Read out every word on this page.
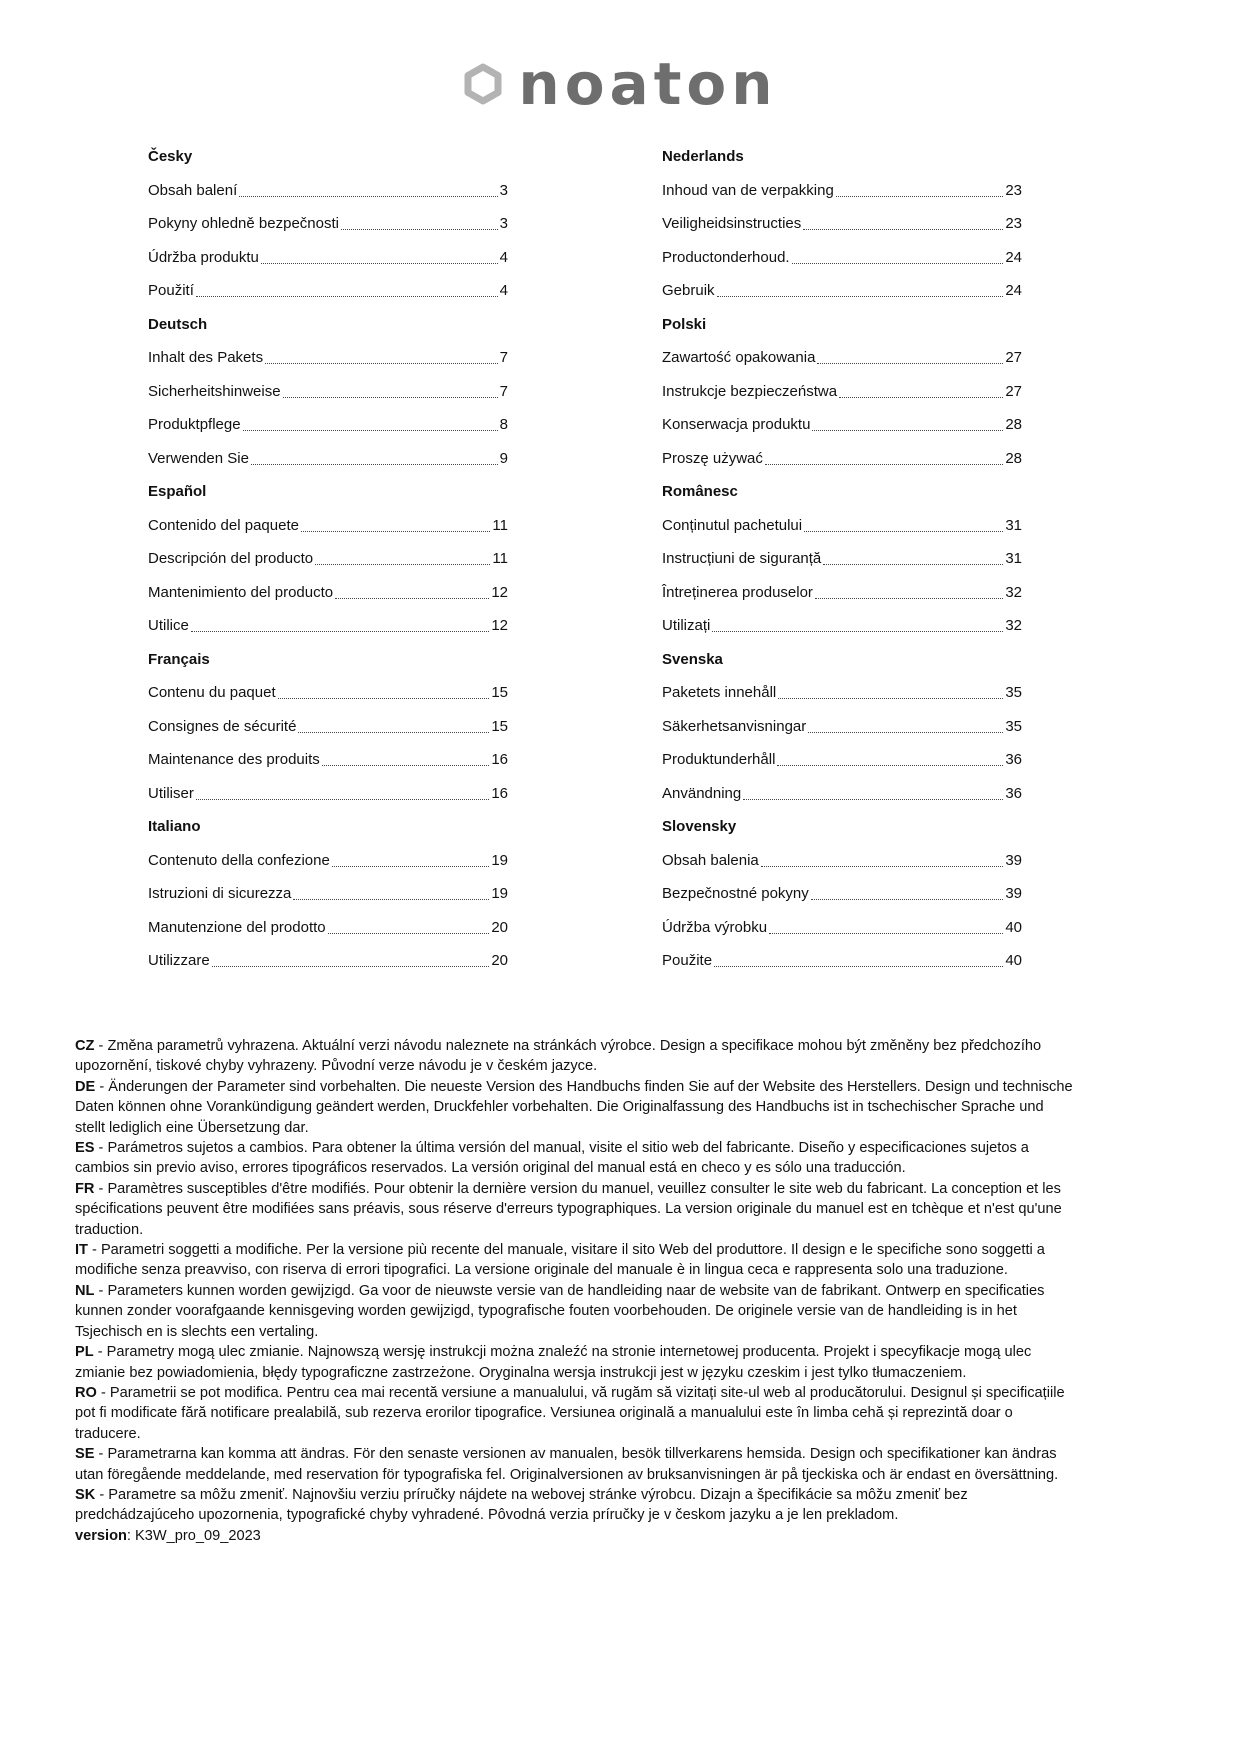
noaton
Česky
Obsah balení	3
Pokyny ohledně bezpečnosti	3
Údržba produktu	4
Použití	4
Deutsch
Inhalt des Pakets	7
Sicherheitshinweise	7
Produktpflege	8
Verwenden Sie	9
Español
Contenido del paquete	11
Descripción del producto	11
Mantenimiento del producto	12
Utilice	12
Français
Contenu du paquet	15
Consignes de sécurité	15
Maintenance des produits	16
Utiliser	16
Italiano
Contenuto della confezione	19
Istruzioni di sicurezza	19
Manutenzione del prodotto	20
Utilizzare	20
Nederlands
Inhoud van de verpakking	23
Veiligheidsinstructies	23
Productonderhoud.	24
Gebruik	24
Polski
Zawartość opakowania	27
Instrukcje bezpieczeństwa	27
Konserwacja produktu	28
Proszę używać	28
Românesc
Conținutul pachetului	31
Instrucțiuni de siguranță	31
Întreținerea produselor	32
Utilizați	32
Svenska
Paketets innehåll	35
Säkerhetsanvisningar	35
Produktunderhåll	36
Användning	36
Slovensky
Obsah balenia	39
Bezpečnostné pokyny	39
Údržba výrobku	40
Použite	40

CZ - Změna parametrů vyhrazena. Aktuální verzi návodu naleznete na stránkách výrobce. Design a specifikace mohou být změněny bez předchozího upozornění, tiskové chyby vyhrazeny. Původní verze návodu je v českém jazyce.

DE - Änderungen der Parameter sind vorbehalten. Die neueste Version des Handbuchs finden Sie auf der Website des Herstellers. Design und technische Daten können ohne Vorankündigung geändert werden, Druckfehler vorbehalten. Die Originalfassung des Handbuchs ist in tschechischer Sprache und stellt lediglich eine Übersetzung dar.

ES - Parámetros sujetos a cambios. Para obtener la última versión del manual, visite el sitio web del fabricante. Diseño y especificaciones sujetos a cambios sin previo aviso, errores tipográficos reservados. La versión original del manual está en checo y es sólo una traducción.

FR - Paramètres susceptibles d'être modifiés. Pour obtenir la dernière version du manuel, veuillez consulter le site web du fabricant. La conception et les spécifications peuvent être modifiées sans préavis, sous réserve d'erreurs typographiques. La version originale du manuel est en tchèque et n'est qu'une traduction.

IT - Parametri soggetti a modifiche. Per la versione più recente del manuale, visitare il sito Web del produttore. Il design e le specifiche sono soggetti a modifiche senza preavviso, con riserva di errori tipografici. La versione originale del manuale è in lingua ceca e rappresenta solo una traduzione.

NL - Parameters kunnen worden gewijzigd. Ga voor de nieuwste versie van de handleiding naar de website van de fabrikant. Ontwerp en specificaties kunnen zonder voorafgaande kennisgeving worden gewijzigd, typografische fouten voorbehouden. De originele versie van de handleiding is in het Tsjechisch en is slechts een vertaling.

PL - Parametry mogą ulec zmianie. Najnowszą wersję instrukcji można znaleźć na stronie internetowej producenta. Projekt i specyfikacje mogą ulec zmianie bez powiadomienia, błędy typograficzne zastrzeżone. Oryginalna wersja instrukcji jest w języku czeskim i jest tylko tłumaczeniem.

RO - Parametrii se pot modifica. Pentru cea mai recentă versiune a manualului, vă rugăm să vizitați site-ul web al producătorului. Designul și specificațiile pot fi modificate fără notificare prealabilă, sub rezerva erorilor tipografice. Versiunea originală a manualului este în limba cehă și reprezintă doar o traducere.

SE - Parametrarna kan komma att ändras. För den senaste versionen av manualen, besök tillverkarens hemsida. Design och specifikationer kan ändras utan föregående meddelande, med reservation för typografiska fel. Originalversionen av bruksanvisningen är på tjeckiska och är endast en översättning.

SK - Parametre sa môžu zmeniť. Najnovšiu verziu príručky nájdete na webovej stránke výrobcu. Dizajn a špecifikácie sa môžu zmeniť bez predchádzajúceho upozornenia, typografické chyby vyhradené. Pôvodná verzia príručky je v českom jazyku a je len prekladom.

version: K3W_pro_09_2023
